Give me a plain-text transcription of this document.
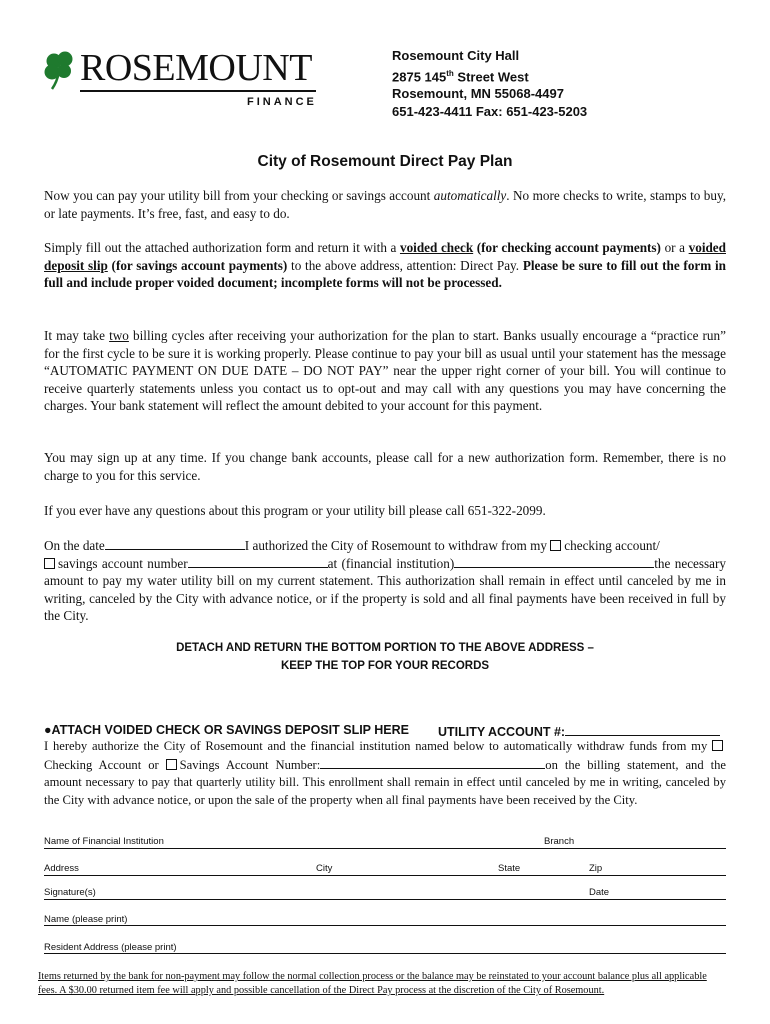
ROSEMOUNT
FINANCE
Rosemount City Hall
2875 145th Street West
Rosemount, MN 55068-4497
651-423-4411 Fax: 651-423-5203
City of Rosemount Direct Pay Plan
Now you can pay your utility bill from your checking or savings account automatically. No more checks to write, stamps to buy, or late payments. It’s free, fast, and easy to do.
Simply fill out the attached authorization form and return it with a voided check (for checking account payments) or a voided deposit slip (for savings account payments) to the above address, attention: Direct Pay. Please be sure to fill out the form in full and include proper voided document; incomplete forms will not be processed.
It may take two billing cycles after receiving your authorization for the plan to start. Banks usually encourage a “practice run” for the first cycle to be sure it is working properly. Please continue to pay your bill as usual until your statement has the message “AUTOMATIC PAYMENT ON DUE DATE – DO NOT PAY” near the upper right corner of your bill. You will continue to receive quarterly statements unless you contact us to opt-out and may call with any questions you may have concerning the charges. Your bank statement will reflect the amount debited to your account for this payment.
You may sign up at any time. If you change bank accounts, please call for a new authorization form. Remember, there is no charge to you for this service.
If you ever have any questions about this program or your utility bill please call 651-322-2099.
On the date	I authorized the City of Rosemount to withdraw from my checking account/
savings account number	at (financial institution)	the necessary amount to pay my water utility bill on my current statement. This authorization shall remain in effect until canceled by me in writing, canceled by the City with advance notice, or if the property is sold and all final payments have been received in full by the City.
DETACH AND RETURN THE BOTTOM PORTION TO THE ABOVE ADDRESS –
KEEP THE TOP FOR YOUR RECORDS
●ATTACH VOIDED CHECK OR SAVINGS DEPOSIT SLIP HERE UTILITY ACCOUNT #:
I hereby authorize the City of Rosemount and the financial institution named below to automatically withdraw funds from my Checking Account or Savings Account Number:	on the billing statement, and the amount necessary to pay that quarterly utility bill. This enrollment shall remain in effect until canceled by me in writing, canceled by the City with advance notice, or upon the sale of the property when all final payments have been received by the City.
Name of Financial Institution	Branch
Address	City	State	Zip
Signature(s)	Date
Name (please print)
Resident Address (please print)
Items returned by the bank for non-payment may follow the normal collection process or the balance may be reinstated to your account balance plus all applicable fees. A $30.00 returned item fee will apply and possible cancellation of the Direct Pay process at the discretion of the City of Rosemount.
